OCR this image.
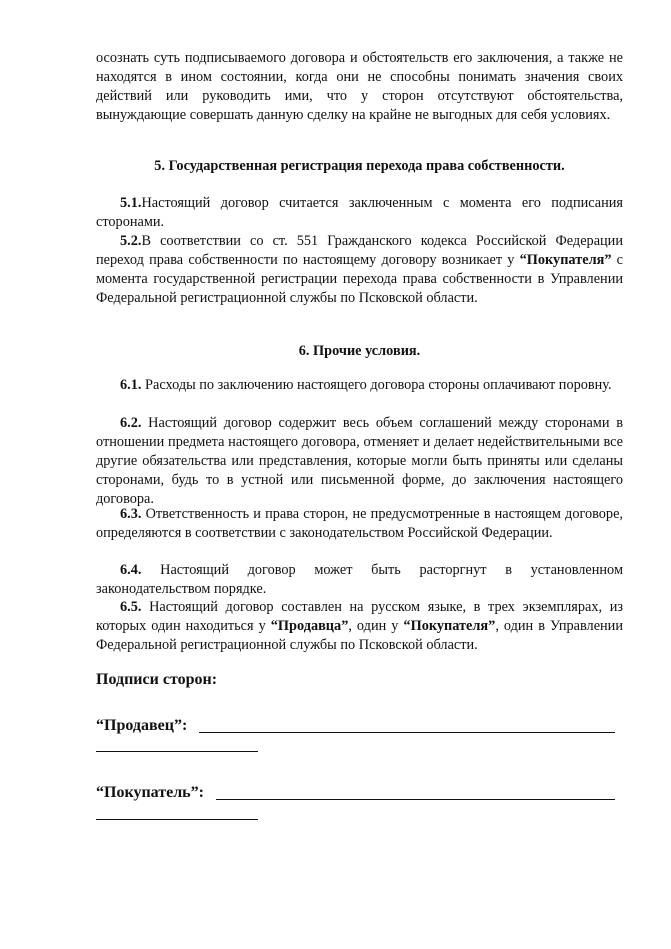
осознать суть подписываемого договора и обстоятельств его заключения, а также не находятся в ином состоянии, когда они не способны понимать значения своих действий или руководить ими, что у сторон отсутствуют обстоятельства, вынуждающие совершать данную сделку на крайне не выгодных для себя условиях.

5. Государственная регистрация перехода права собственности.

5.1.Настоящий договор считается заключенным с момента его подписания сторонами.

5.2.В соответствии со ст. 551 Гражданского кодекса Российской Федерации переход права собственности по настоящему договору возникает у “Покупателя” с момента государственной регистрации перехода права собственности в Управлении Федеральной регистрационной службы по Псковской области.

6. Прочие условия.

6.1. Расходы по заключению настоящего договора стороны оплачивают поровну.

6.2. Настоящий договор содержит весь объем соглашений между сторонами в отношении предмета настоящего договора, отменяет и делает недействительными все другие обязательства или представления, которые могли быть приняты или сделаны сторонами, будь то в устной или письменной форме, до заключения настоящего договора.

6.3. Ответственность и права сторон, не предусмотренные в настоящем договоре, определяются в соответствии с законодательством Российской Федерации.

6.4. Настоящий договор может быть расторгнут в установленном законодательством порядке.

6.5. Настоящий договор составлен на русском языке, в трех экземплярах, из которых один находиться у “Продавца”, один у “Покупателя”, один в Управлении Федеральной регистрационной службы по Псковской области.

Подписи сторон:

“Продавец”:

“Покупатель”:
